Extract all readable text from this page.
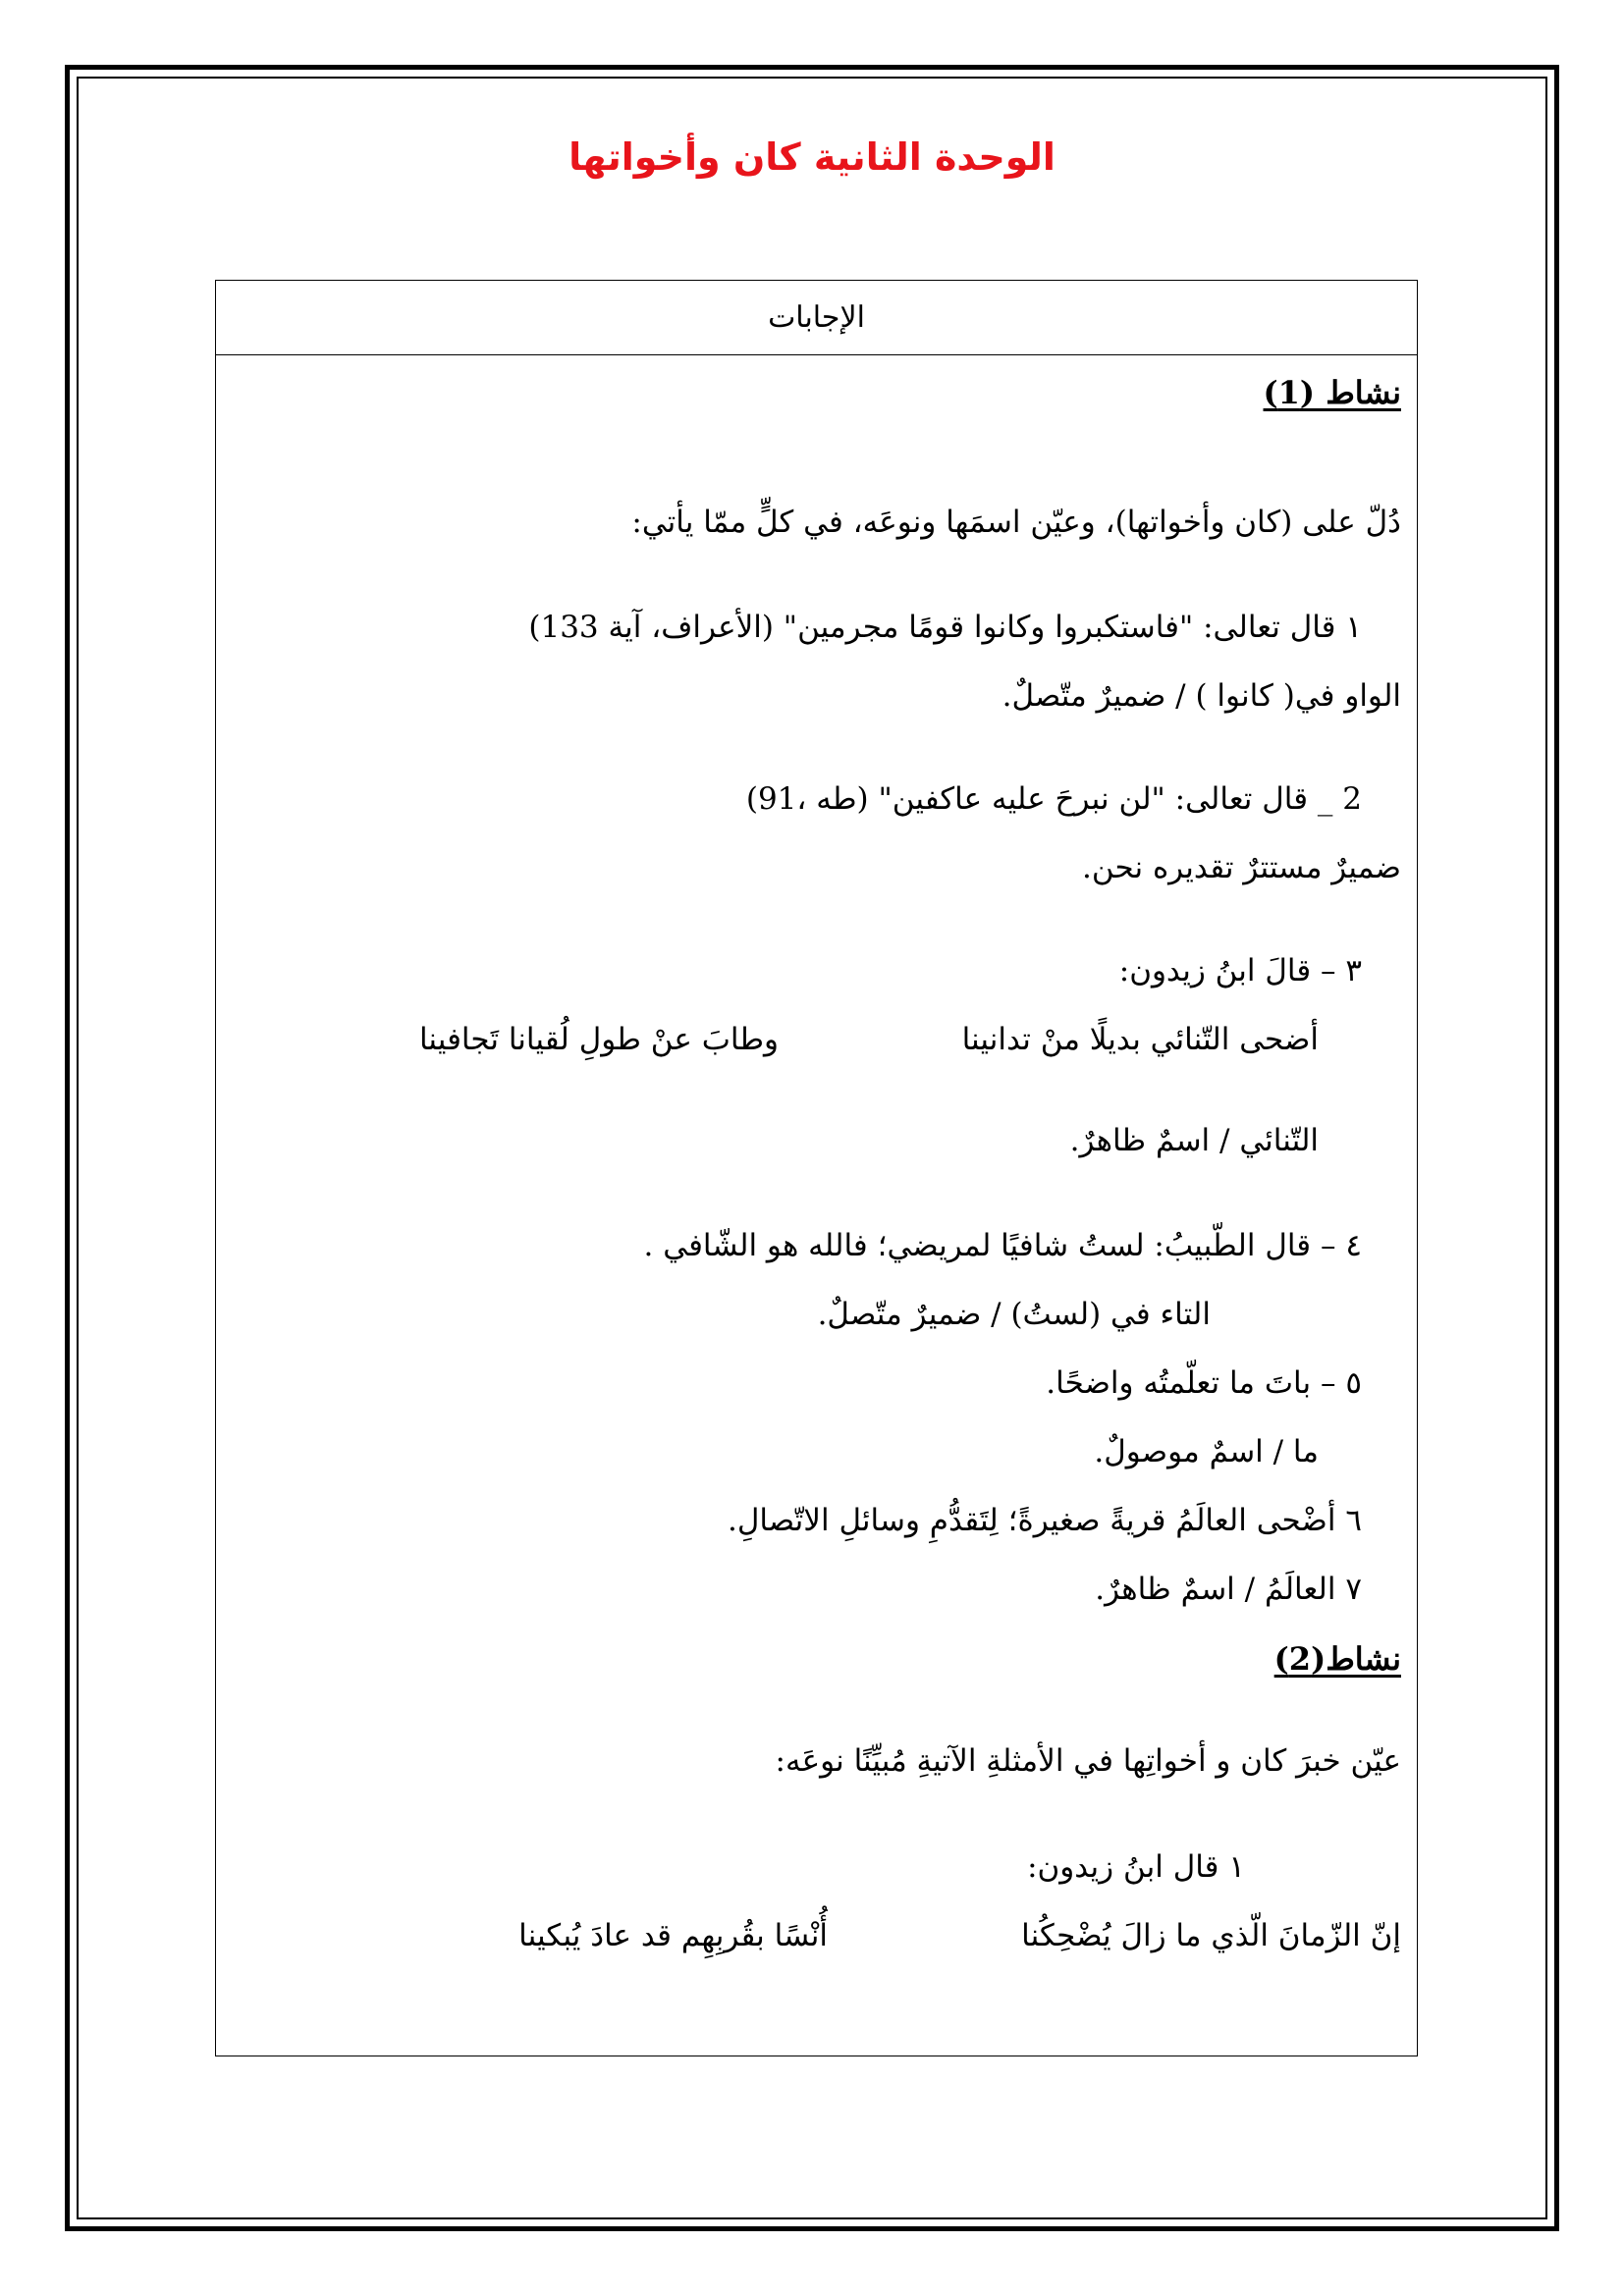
الوحدة الثانية كان وأخواتها
الإجابات
نشاط (1)
دُلّ على (كان وأخواتها)، وعيّن اسمَها ونوعَه، في كلٍّ ممّا يأتي:
١ قال تعالى: "فاستكبروا وكانوا قومًا مجرمين" (الأعراف، آية 133)
الواو في( كانوا ) / ضميرٌ متّصلٌ.
2 _ قال تعالى: "لن نبرحَ عليه عاكفين" (طه ،91)
ضميرٌ مستترٌ تقديره نحن.
٣ – قالَ ابنُ زيدون:
أضحى التّنائي بديلًا منْ تدانينا
وطابَ عنْ طولِ لُقيانا تَجافينا
التّنائي / اسمٌ ظاهرٌ.
٤ – قال الطّبيبُ: لستُ شافيًا لمريضي؛ فالله هو الشّافي .
التاء في (لستُ) / ضميرٌ متّصلٌ.
٥ – باتَ ما تعلّمتُه واضحًا.
ما / اسمٌ موصولٌ.
٦ أضْحى العالَمُ قريةً صغيرةً؛ لِتَقدُّمِ وسائلِ الاتّصالِ.
٧ العالَمُ / اسمٌ ظاهرٌ.
نشاط(2)
عيّن خبرَ كان و أخواتِها في الأمثلةِ الآتيةِ مُبيِّنًا نوعَه:
١ قال ابنُ زيدون:
إنّ الزّمانَ الّذي ما زالَ يُضْحِكُنا
أُنْسًا بقُربِهِم قد عادَ يُبكينا
